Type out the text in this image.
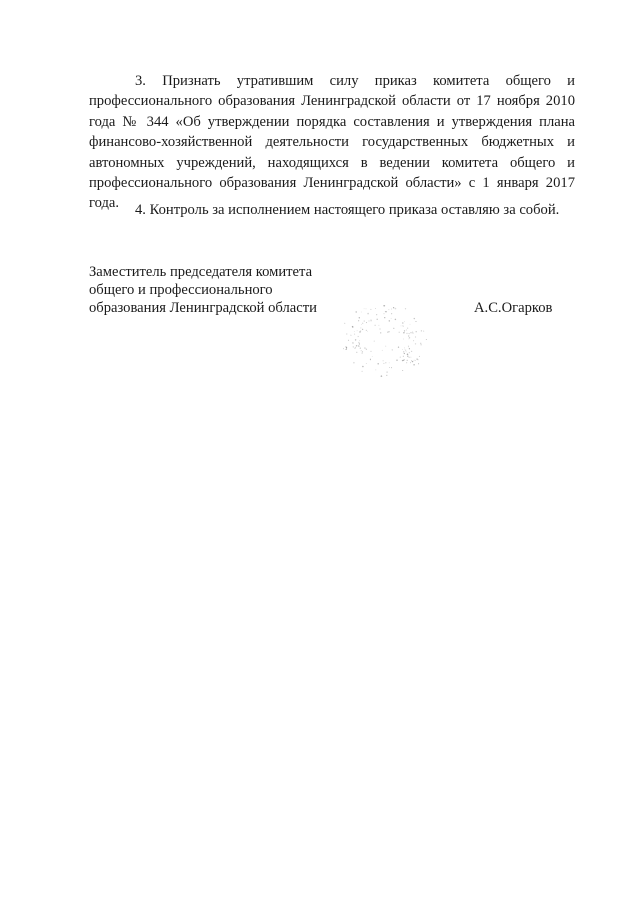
3. Признать утратившим силу приказ комитета общего и профессионального образования Ленинградской области от 17 ноября 2010 года № 344 «Об утверждении порядка составления и утверждения плана финансово-хозяйственной деятельности государственных бюджетных и автономных учреждений, находящихся в ведении комитета общего и профессионального образования Ленинградской области» с 1 января 2017 года.	4. Контроль за исполнением настоящего приказа оставляю за собой.

Заместитель председателя комитета
общего и профессионального
образования Ленинградской области	А.С.Огарков
